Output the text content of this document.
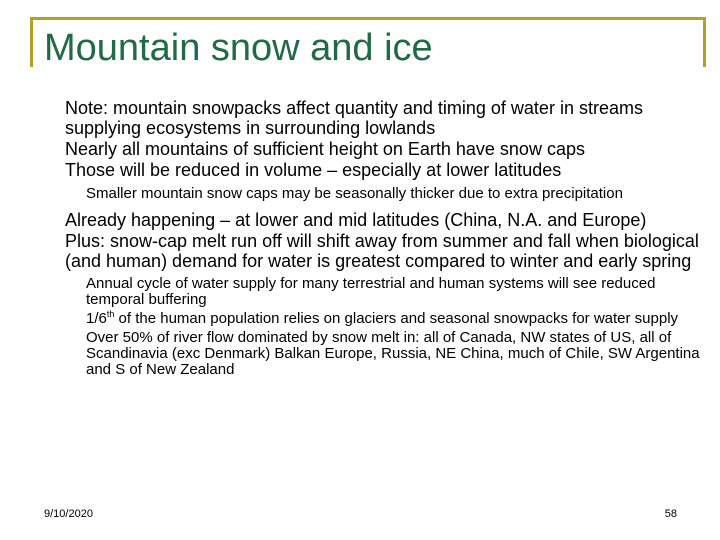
Mountain snow and ice

Note: mountain snowpacks affect quantity and timing of water in streams supplying ecosystems in surrounding lowlands

Nearly all mountains of sufficient height on Earth have snow caps

Those will be reduced in volume – especially at lower latitudes

Smaller mountain snow caps may be seasonally thicker due to extra precipitation

Already happening – at lower and mid latitudes (China, N.A. and Europe)

Plus: snow-cap melt run off will shift away from summer and fall when biological (and human) demand for water is greatest compared to winter and early spring

Annual cycle of water supply for many terrestrial and human systems will see reduced temporal buffering

1/6th of the human population relies on glaciers and seasonal snowpacks for water supply

Over 50% of river flow dominated by snow melt in: all of Canada, NW states of US, all of Scandinavia (exc Denmark) Balkan Europe, Russia, NE China, much of Chile, SW Argentina and S of New Zealand

9/10/2020	58
